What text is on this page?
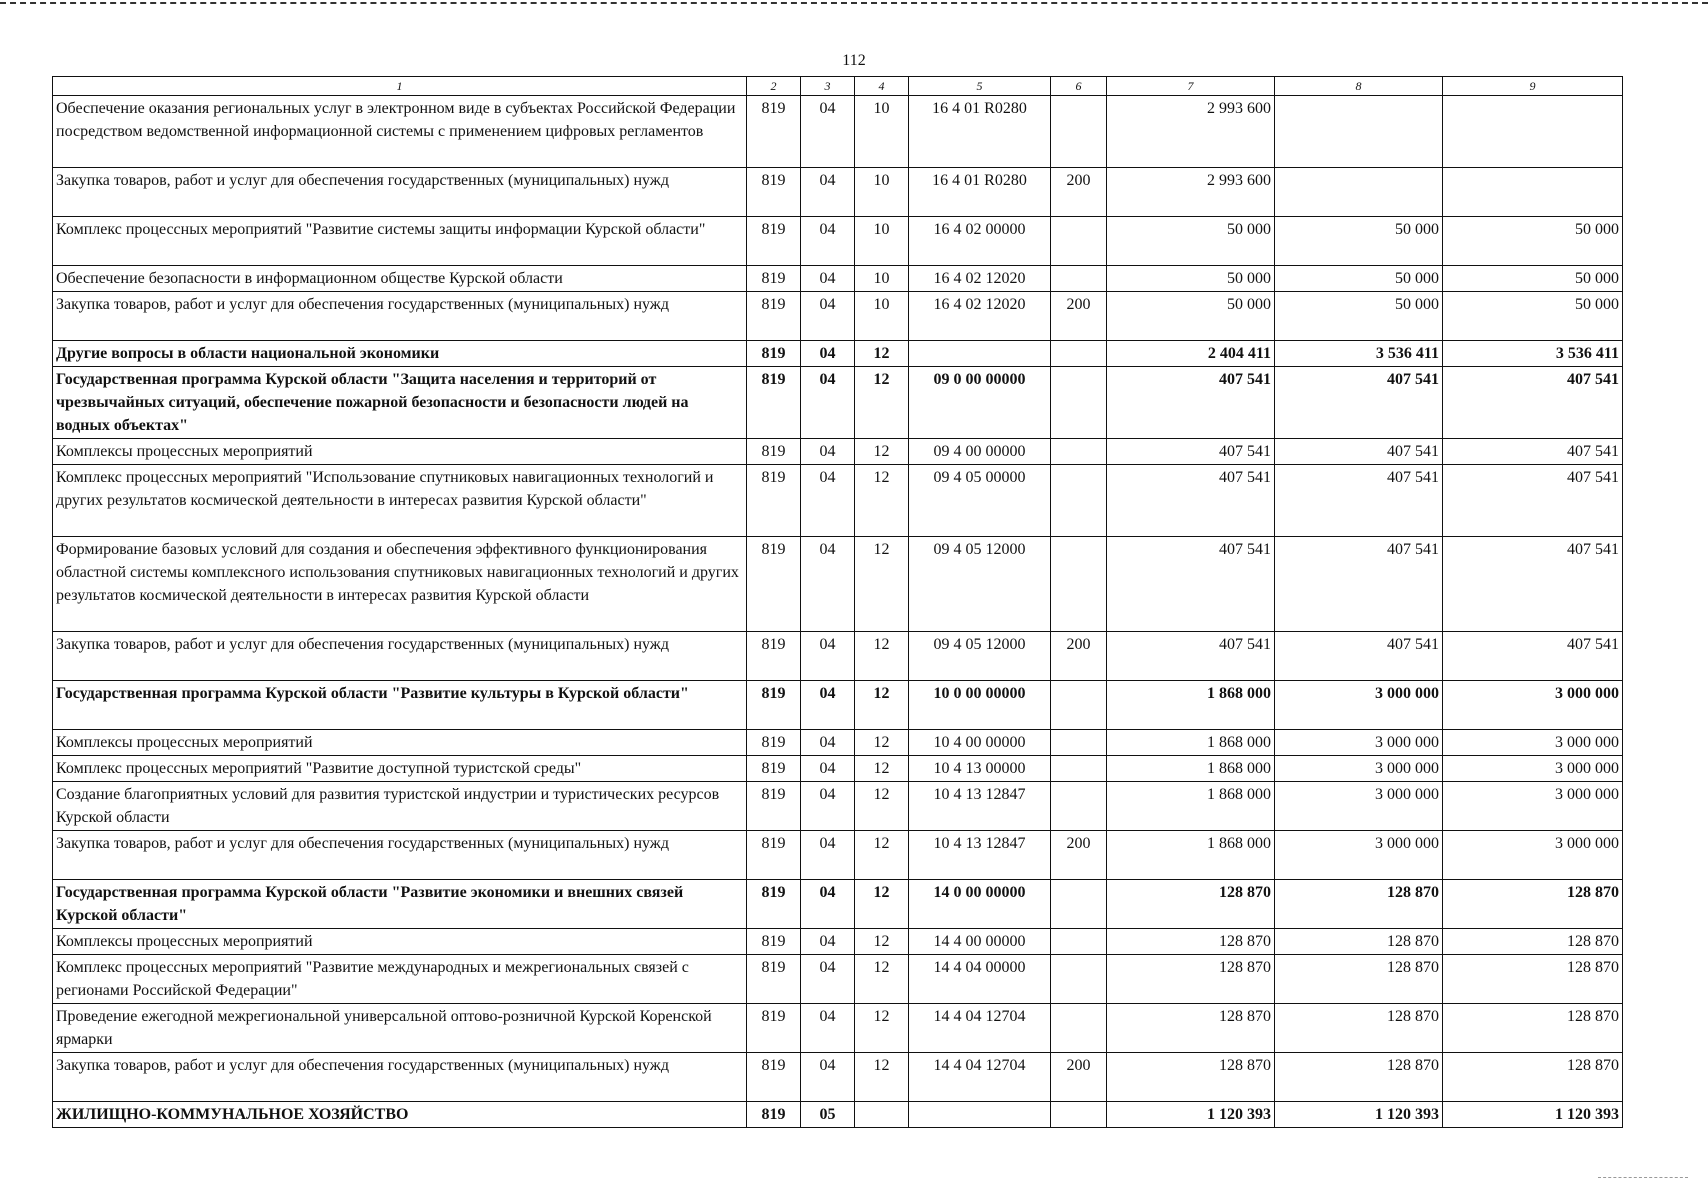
112
1	2	3	4	5	6	7	8	9
Обеспечение оказания региональных услуг в электронном виде в субъектах Российской Федерации посредством ведомственной информационной системы с применением цифровых регламентов	819	04	10	16 4 01 R0280		2 993 600		
Закупка товаров, работ и услуг для обеспечения государственных (муниципальных) нужд	819	04	10	16 4 01 R0280	200	2 993 600		
Комплекс процессных мероприятий "Развитие системы защиты информации Курской области"	819	04	10	16 4 02 00000		50 000	50 000	50 000
Обеспечение безопасности в информационном обществе Курской области	819	04	10	16 4 02 12020		50 000	50 000	50 000
Закупка товаров, работ и услуг для обеспечения государственных (муниципальных) нужд	819	04	10	16 4 02 12020	200	50 000	50 000	50 000
Другие вопросы в области национальной экономики	819	04	12			2 404 411	3 536 411	3 536 411
Государственная программа Курской области "Защита населения и территорий от чрезвычайных ситуаций, обеспечение пожарной безопасности и безопасности людей на водных объектах"	819	04	12	09 0 00 00000		407 541	407 541	407 541
Комплексы процессных мероприятий	819	04	12	09 4 00 00000		407 541	407 541	407 541
Комплекс процессных мероприятий "Использование спутниковых навигационных технологий и других результатов космической деятельности в интересах развития Курской области"	819	04	12	09 4 05 00000		407 541	407 541	407 541
Формирование базовых условий для создания и обеспечения эффективного функционирования областной системы комплексного использования спутниковых навигационных технологий и других результатов космической деятельности в интересах развития Курской области	819	04	12	09 4 05 12000		407 541	407 541	407 541
Закупка товаров, работ и услуг для обеспечения государственных (муниципальных) нужд	819	04	12	09 4 05 12000	200	407 541	407 541	407 541
Государственная программа Курской области "Развитие культуры в Курской области"	819	04	12	10 0 00 00000		1 868 000	3 000 000	3 000 000
Комплексы процессных мероприятий	819	04	12	10 4 00 00000		1 868 000	3 000 000	3 000 000
Комплекс процессных мероприятий "Развитие доступной туристской среды"	819	04	12	10 4 13 00000		1 868 000	3 000 000	3 000 000
Создание благоприятных условий для развития туристской индустрии и туристических ресурсов Курской области	819	04	12	10 4 13 12847		1 868 000	3 000 000	3 000 000
Закупка товаров, работ и услуг для обеспечения государственных (муниципальных) нужд	819	04	12	10 4 13 12847	200	1 868 000	3 000 000	3 000 000
Государственная программа Курской области "Развитие экономики и внешних связей Курской области"	819	04	12	14 0 00 00000		128 870	128 870	128 870
Комплексы процессных мероприятий	819	04	12	14 4 00 00000		128 870	128 870	128 870
Комплекс процессных мероприятий "Развитие международных и межрегиональных связей с регионами Российской Федерации"	819	04	12	14 4 04 00000		128 870	128 870	128 870
Проведение ежегодной межрегиональной универсальной оптово-розничной Курской Коренской ярмарки	819	04	12	14 4 04 12704		128 870	128 870	128 870
Закупка товаров, работ и услуг для обеспечения государственных (муниципальных) нужд	819	04	12	14 4 04 12704	200	128 870	128 870	128 870
ЖИЛИЩНО-КОММУНАЛЬНОЕ ХОЗЯЙСТВО	819	05				1 120 393	1 120 393	1 120 393
